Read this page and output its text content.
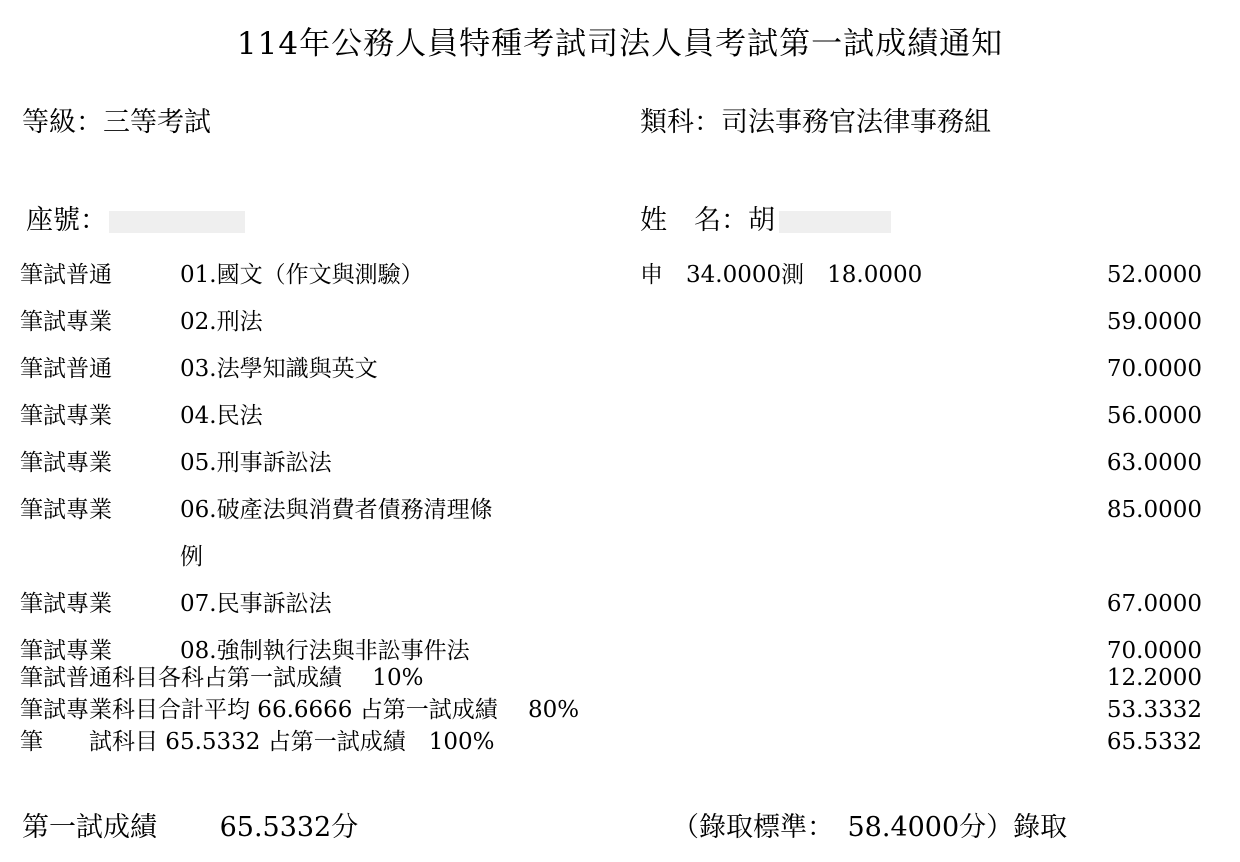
114年公務人員特種考試司法人員考試第一試成績通知
等級：三等考試	類科：司法事務官法律事務組
座號：	姓　名：胡
筆試普通	01.國文（作文與測驗）	申　34.0000測　18.0000	52.0000
筆試專業	02.刑法	59.0000
筆試普通	03.法學知識與英文	70.0000
筆試專業	04.民法	56.0000
筆試專業	05.刑事訴訟法	63.0000
筆試專業	06.破產法與消費者債務清理條	85.0000
例
筆試專業	07.民事訴訟法	67.0000
筆試專業	08.強制執行法與非訟事件法	70.0000
筆試普通科目各科占第一試成績　 10%	12.2000
筆試專業科目合計平均 66.6666 占第一試成績　 80%	53.3332
筆　　試科目 65.5332 占第一試成績　100%	65.5332
第一試成績　　 65.5332分	（錄取標準：　58.4000分）錄取
